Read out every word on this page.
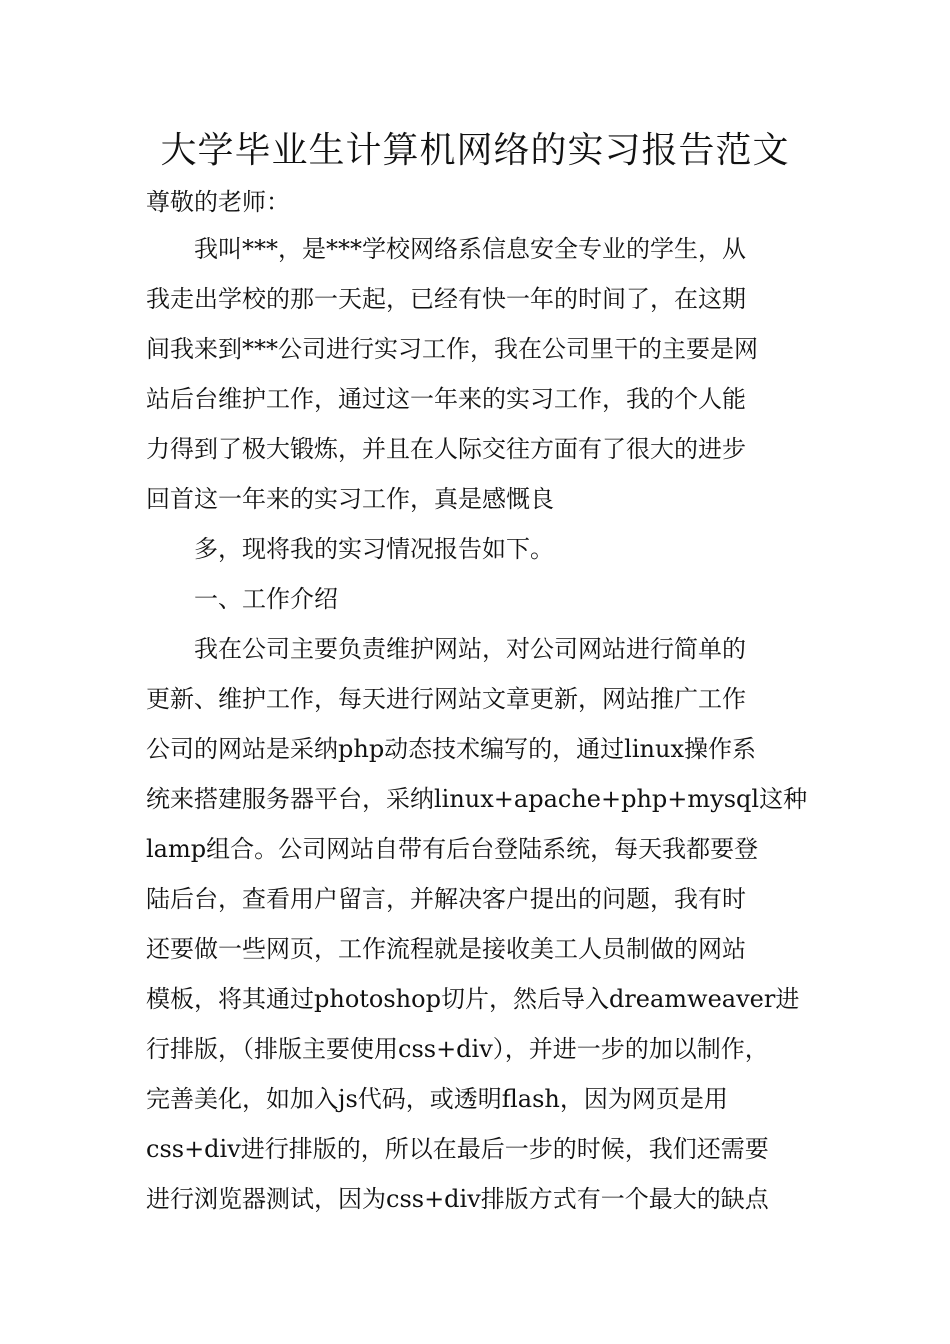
大学毕业生计算机网络的实习报告范文

尊敬的老师：

我叫***，是***学校网络系信息安全专业的学生，从

我走出学校的那一天起，已经有快一年的时间了，在这期

间我来到***公司进行实习工作，我在公司里干的主要是网

站后台维护工作，通过这一年来的实习工作，我的个人能

力得到了极大锻炼，并且在人际交往方面有了很大的进步

回首这一年来的实习工作，真是感慨良

多，现将我的实习情况报告如下。

一、工作介绍

我在公司主要负责维护网站，对公司网站进行简单的

更新、维护工作，每天进行网站文章更新，网站推广工作

公司的网站是采纳php动态技术编写的，通过linux操作系

统来搭建服务器平台，采纳linux+apache+php+mysql这种

lamp组合。公司网站自带有后台登陆系统，每天我都要登

陆后台，查看用户留言，并解决客户提出的问题，我有时

还要做一些网页，工作流程就是接收美工人员制做的网站

模板，将其通过photoshop切片，然后导入dreamweaver进

行排版，（排版主要使用css+div），并进一步的加以制作，

完善美化，如加入js代码，或透明flash，因为网页是用

css+div进行排版的，所以在最后一步的时候，我们还需要

进行浏览器测试，因为css+div排版方式有一个最大的缺点
